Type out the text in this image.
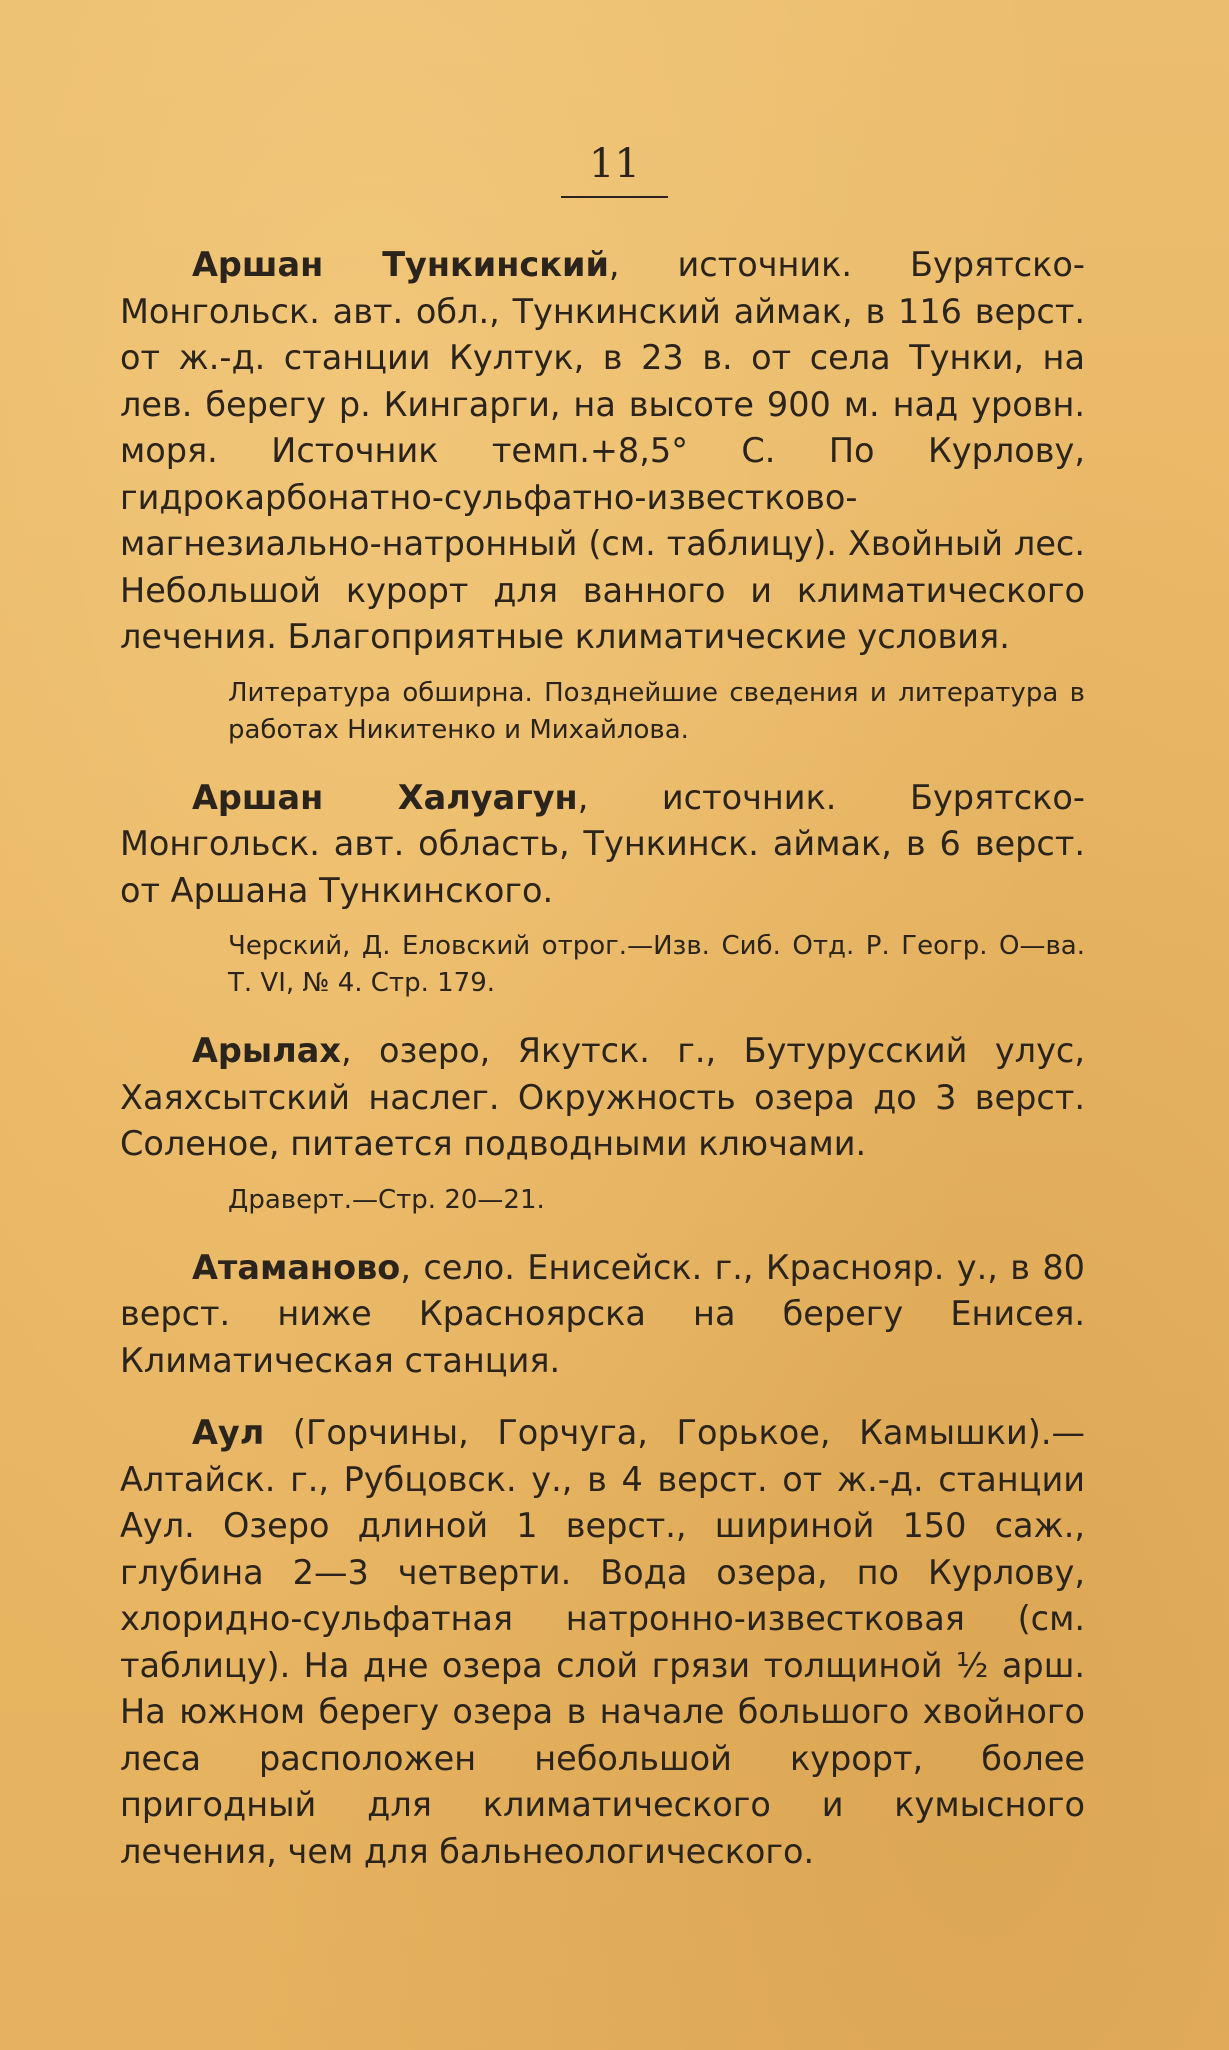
11

Аршан Тункинский, источник. Бурятско-Монгольск. авт. обл., Тункинский аймак, в 116 верст. от ж.-д. станции Култук, в 23 в. от села Тунки, на лев. берегу р. Кингарги, на высоте 900 м. над уровн. моря. Источник темп.+8,5° С. По Курлову, гидрокарбонатно-сульфатно-известково-магнезиально-натронный (см. таблицу). Хвойный лес. Небольшой курорт для ванного и климатического лечения. Благоприятные климатические условия.

Литература обширна. Позднейшие сведения и литература в работах Никитенко и Михайлова.

Аршан Халуагун, источник. Бурятско-Монгольск. авт. область, Тункинск. аймак, в 6 верст. от Аршана Тункинского.

Черский, Д. Еловский отрог.—Изв. Сиб. Отд. Р. Геогр. О—ва. Т. VI, № 4. Стр. 179.

Арылах, озеро, Якутск. г., Бутурусский улус, Хаяхсытский наслег. Окружность озера до 3 верст. Соленое, питается подводными ключами.

Драверт.—Стр. 20—21.

Атаманово, село. Енисейск. г., Краснояр. у., в 80 верст. ниже Красноярска на берегу Енисея. Климатическая станция.

Аул (Горчины, Горчуга, Горькое, Камышки).—Алтайск. г., Рубцовск. у., в 4 верст. от ж.-д. станции Аул. Озеро длиной 1 верст., шириной 150 саж., глубина 2—3 четверти. Вода озера, по Курлову, хлоридно-сульфатная натронно-известковая (см. таблицу). На дне озера слой грязи толщиной ½ арш. На южном берегу озера в начале большого хвойного леса расположен небольшой курорт, более пригодный для климатического и кумысного лечения, чем для бальнеологического.
